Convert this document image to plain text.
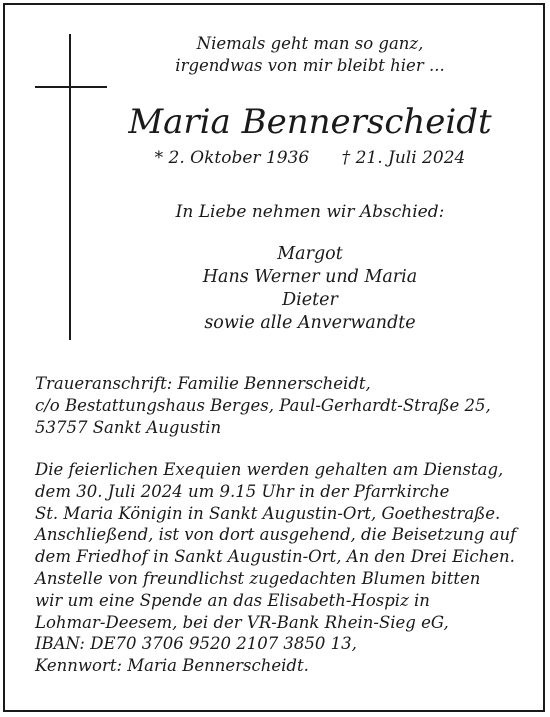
Niemals geht man so ganz,
irgendwas von mir bleibt hier ...
Maria Bennerscheidt
* 2. Oktober 1936 † 21. Juli 2024
In Liebe nehmen wir Abschied:
Margot
Hans Werner und Maria
Dieter
sowie alle Anverwandte
Traueranschrift: Familie Bennerscheidt,
c/o Bestattungshaus Berges, Paul-Gerhardt-Straße 25,
53757 Sankt Augustin
Die feierlichen Exequien werden gehalten am Dienstag,
dem 30. Juli 2024 um 9.15 Uhr in der Pfarrkirche
St. Maria Königin in Sankt Augustin-Ort, Goethestraße.
Anschließend, ist von dort ausgehend, die Beisetzung auf
dem Friedhof in Sankt Augustin-Ort, An den Drei Eichen.
Anstelle von freundlichst zugedachten Blumen bitten
wir um eine Spende an das Elisabeth-Hospiz in
Lohmar-Deesem, bei der VR-Bank Rhein-Sieg eG,
IBAN: DE70 3706 9520 2107 3850 13,
Kennwort: Maria Bennerscheidt.
